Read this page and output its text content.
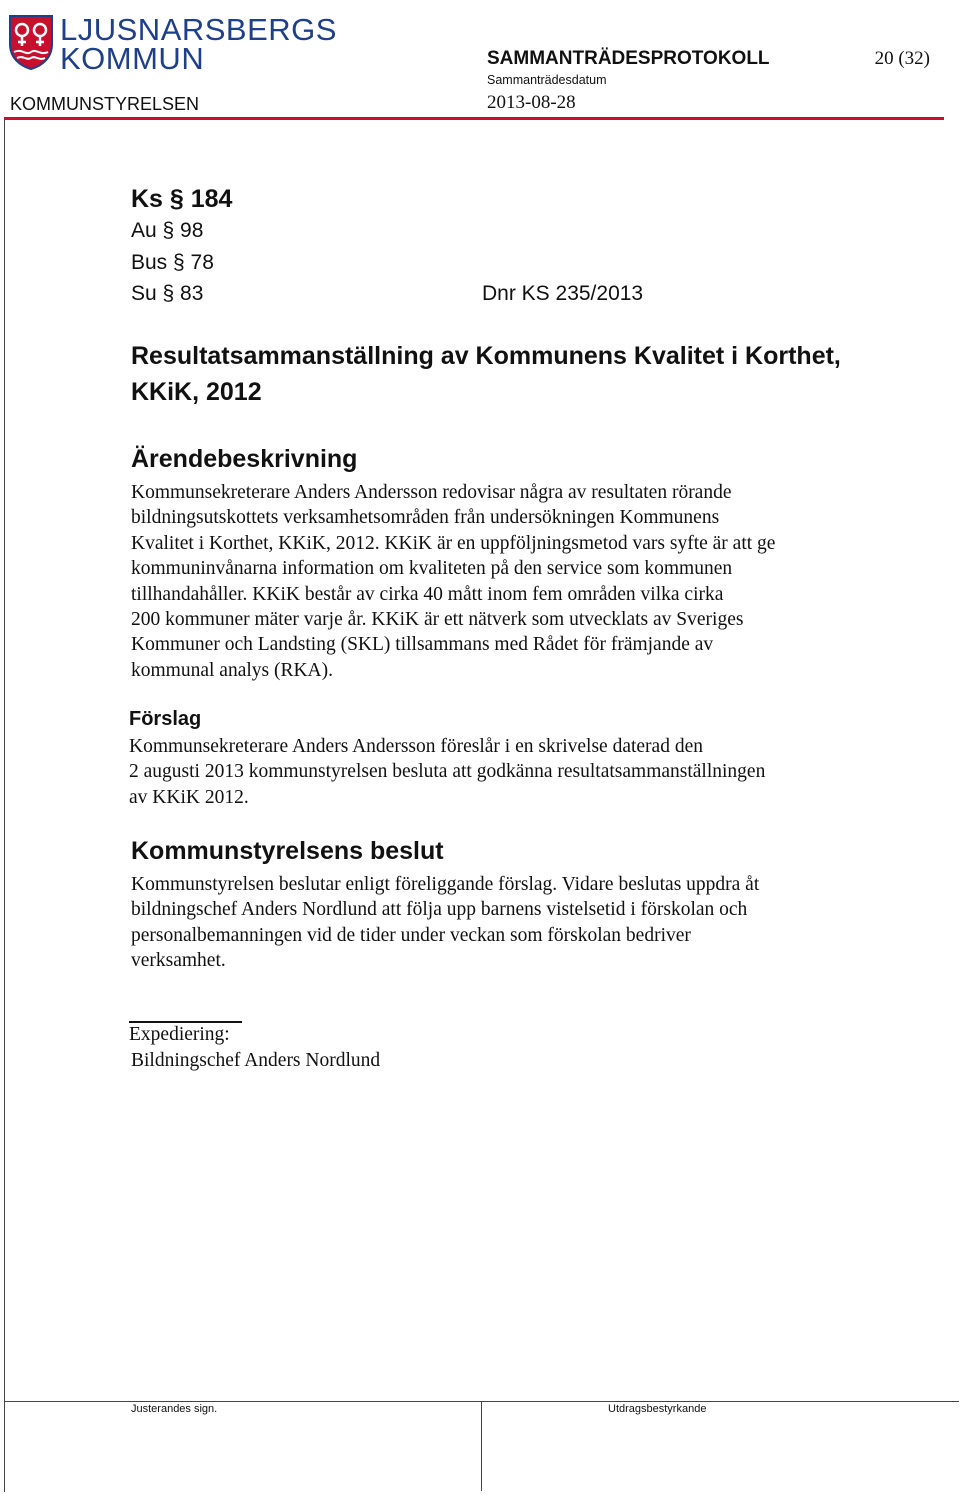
LJUSNARSBERGS
KOMMUN	SAMMANTRÄDESPROTOKOLL
Sammanträdesdatum
2013-08-28
20 (32)
KOMMUNSTYRELSEN
Ks § 184
Au § 98
Bus § 78
Su § 83	Dnr KS 235/2013
Resultatsammanställning av Kommunens Kvalitet i Korthet,
KKiK, 2012
Ärendebeskrivning
Kommunsekreterare Anders Andersson redovisar några av resultaten rörande
bildningsutskottets verksamhetsområden från undersökningen Kommunens
Kvalitet i Korthet, KKiK, 2012. KKiK är en uppföljningsmetod vars syfte är att ge
kommuninvånarna information om kvaliteten på den service som kommunen
tillhandahåller. KKiK består av cirka 40 mått inom fem områden vilka cirka
200 kommuner mäter varje år. KKiK är ett nätverk som utvecklats av Sveriges
Kommuner och Landsting (SKL) tillsammans med Rådet för främjande av
kommunal analys (RKA).
Förslag
Kommunsekreterare Anders Andersson föreslår i en skrivelse daterad den
2 augusti 2013 kommunstyrelsen besluta att godkänna resultatsammanställningen
av KKiK 2012.
Kommunstyrelsens beslut
Kommunstyrelsen beslutar enligt föreliggande förslag. Vidare beslutas uppdra åt
bildningschef Anders Nordlund att följa upp barnens vistelsetid i förskolan och
personalbemanningen vid de tider under veckan som förskolan bedriver
verksamhet.
Expediering:
Bildningschef Anders Nordlund
Justerandes sign.	Utdragsbestyrkande
